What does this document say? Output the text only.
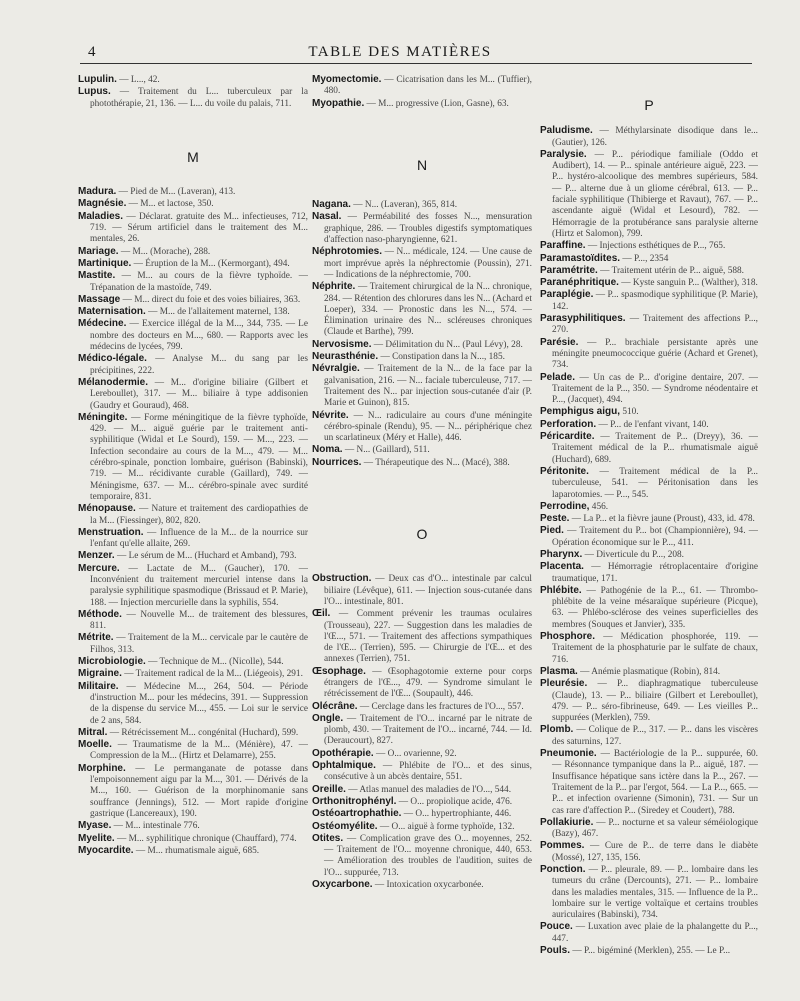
4	TABLE DES MATIÈRES
Lupulin. — L..., 42.
Lupus. — Traitement du L... tuberculeux par la photothérapie, 21, 136. — L... du voile du palais, 711.
M
Madura. — Pied de M... (Laveran), 413.
Magnésie. — M... et lactose, 350.
Maladies. — Déclarat. gratuite des M... infectieuses, 712, 719. — Sérum artificiel dans le traitement des M... mentales, 26.
Mariage. — M... (Morache), 288.
Martinique. — Éruption de la M... (Kermorgant), 494.
Mastite. — M... au cours de la fièvre typhoïde. — Trépanation de la mastoïde, 749.
Massage — M... direct du foie et des voies biliaires, 363.
Maternisation. — M... de l'allaitement maternel, 138.
Médecine. — Exercice illégal de la M..., 344, 735. — Le nombre des docteurs en M..., 680. — Rapports avec les médecins de lycées, 799.
Médico-légale. — Analyse M... du sang par les précipitines, 222.
Mélanodermie. — M... d'origine biliaire (Gilbert et Lereboullet), 317. — M... biliaire à type addisonien (Gaudry et Gouraud), 468.
Méningite. — Forme méningitique de la fièvre typhoïde, 429. — M... aiguë guérie par le traitement anti-syphilitique (Widal et Le Sourd), 159. — M..., 223. — Infection secondaire au cours de la M..., 479. — M... cérébro-spinale, ponction lombaire, guérison (Babinski), 719. — M... récidivante curable (Gaillard), 749. — Méningisme, 637. — M... cérébro-spinale avec surdité temporaire, 831.
Ménopause. — Nature et traitement des cardiopathies de la M... (Fiessinger), 802, 820.
Menstruation. — Influence de la M... de la nourrice sur l'enfant qu'elle allaite, 269.
Menzer. — Le sérum de M... (Huchard et Amband), 793.
Mercure. — Lactate de M... (Gaucher), 170. — Inconvénient du traitement mercuriel intense dans la paralysie syphilitique spasmodique (Brissaud et P. Marie), 188. — Injection mercurielle dans la syphilis, 554.
Méthode. — Nouvelle M... de traitement des blessures, 811.
Métrite. — Traitement de la M... cervicale par le cautère de Filhos, 313.
Microbiologie. — Technique de M... (Nicolle), 544.
Migraine. — Traitement radical de la M... (Liégeois), 291.
Militaire. — Médecine M..., 264, 504. — Période d'instruction M... pour les médecins, 391. — Suppression de la dispense du service M..., 455. — Loi sur le service de 2 ans, 584.
Mitral. — Rétrécissement M... congénital (Huchard), 599.
Moelle. — Traumatisme de la M... (Ménière), 47. — Compression de la M... (Hirtz et Delamarre), 255.
Morphine. — Le permanganate de potasse dans l'empoisonnement aigu par la M..., 301. — Dérivés de la M..., 160. — Guérison de la morphinomanie sans souffrance (Jennings), 512. — Mort rapide d'origine gastrique (Lancereaux), 190.
Myase. — M... intestinale 776.
Myelite. — M... syphilitique chronique (Chauffard), 774.
Myocardite. — M... rhumatismale aiguë, 685.
Myomectomie. — Cicatrisation dans les M... (Tuffier), 480.
Myopathie. — M... progressive (Lion, Gasne), 63.
N
Nagana. — N... (Laveran), 365, 814.
Nasal. — Perméabilité des fosses N..., mensuration graphique, 286. — Troubles digestifs symptomatiques d'affection naso-pharyngienne, 621.
Néphrotomies. — N... médicale, 124. — Une cause de mort imprévue après la néphrectomie (Poussin), 271. — Indications de la néphrectomie, 700.
Néphrite. — Traitement chirurgical de la N... chronique, 284. — Rétention des chlorures dans les N... (Achard et Loeper), 334. — Pronostic dans les N..., 574. — Élimination urinaire des N... scléreuses chroniques (Claude et Barthe), 799.
Nervosisme. — Délimitation du N... (Paul Lévy), 28.
Neurasthénie. — Constipation dans la N..., 185.
Névralgie. — Traitement de la N... de la face par la galvanisation, 216. — N... faciale tuberculeuse, 717. — Traitement des N... par injection sous-cutanée d'air (P. Marie et Guinon), 815.
Névrite. — N... radiculaire au cours d'une méningite cérébro-spinale (Rendu), 95. — N... périphérique chez un scarlatineux (Méry et Halle), 446.
Noma. — N... (Gaillard), 511.
Nourrices. — Thérapeutique des N... (Macé), 388.
O
Obstruction. — Deux cas d'O... intestinale par calcul biliaire (Lévêque), 611. — Injection sous-cutanée dans l'O... intestinale, 801.
Œil. — Comment prévenir les traumas oculaires (Trousseau), 227. — Suggestion dans les maladies de l'Œ..., 571. — Traitement des affections sympathiques de l'Œ... (Terrien), 595. — Chirurgie de l'Œ... et des annexes (Terrien), 751.
Œsophage. — Œsophagotomie externe pour corps étrangers de l'Œ..., 479. — Syndrome simulant le rétrécissement de l'Œ... (Soupault), 446.
Olécrâne. — Cerclage dans les fractures de l'O..., 557.
Ongle. — Traitement de l'O... incarné par le nitrate de plomb, 430. — Traitement de l'O... incarné, 744. — Id. (Deraucourt), 827.
Opothérapie. — O... ovarienne, 92.
Ophtalmique. — Phlébite de l'O... et des sinus, consécutive à un abcès dentaire, 551.
Oreille. — Atlas manuel des maladies de l'O..., 544.
Orthonitrophényl. — O... propiolique acide, 476.
Ostéoartrophathie. — O... hypertrophiante, 446.
Ostéomyélite. — O... aiguë à forme typhoïde, 132.
Otites. — Complication grave des O... moyennes, 252. — Traitement de l'O... moyenne chronique, 440, 653. — Amélioration des troubles de l'audition, suites de l'O... suppurée, 713.
Oxycarbone. — Intoxication oxycarbonée.
P
Paludisme. — Méthylarsinate disodique dans le... (Gautier), 126.
Paralysie. — P... périodique familiale (Oddo et Audibert), 14. — P... spinale antérieure aiguë, 223. — P... hystéro-alcoolique des membres supérieurs, 584. — P... alterne due à un gliome cérébral, 613. — P... faciale syphilitique (Thibierge et Ravaut), 767. — P... ascendante aiguë (Widal et Lesourd), 782. — Hémorragie de la protubérance sans paralysie alterne (Hirtz et Salomon), 799.
Paraffine. — Injections esthétiques de P..., 765.
Paramastoïdites. — P..., 2354
Paramétrite. — Traitement utérin de P... aiguë, 588.
Paranéphritique. — Kyste sanguin P... (Walther), 318.
Paraplégie. — P... spasmodique syphilitique (P. Marie), 142.
Parasyphilitiques. — Traitement des affections P..., 270.
Parésie. — P... brachiale persistante après une méningite pneumococcique guérie (Achard et Grenet), 734.
Pelade. — Un cas de P... d'origine dentaire, 207. — Traitement de la P..., 350. — Syndrome néodentaire et P..., (Jacquet), 494.
Pemphigus aigu, 510.
Perforation. — P... de l'enfant vivant, 140.
Péricardite. — Traitement de P... (Dreyy), 36. — Traitement médical de la P... rhumatismale aiguë (Huchard), 689.
Péritonite. — Traitement médical de la P... tuberculeuse, 541. — Péritonisation dans les laparotomies. — P..., 545.
Perrodine, 456.
Peste. — La P... et la fièvre jaune (Proust), 433, id. 478.
Pied. — Traitement du P... bot (Championnière), 94. — Opération économique sur le P..., 411.
Pharynx. — Diverticule du P..., 208.
Placenta. — Hémorragie rétroplacentaire d'origine traumatique, 171.
Phlébite. — Pathogénie de la P..., 61. — Thrombo-phlébite de la veine mésaraïque supérieure (Picque), 63. — Phlébo-sclérose des veines superficielles des membres (Souques et Janvier), 335.
Phosphore. — Médication phosphorée, 119. — Traitement de la phosphaturie par le sulfate de chaux, 716.
Plasma. — Anémie plasmatique (Robin), 814.
Pleurésie. — P... diaphragmatique tuberculeuse (Claude), 13. — P... biliaire (Gilbert et Lereboullet), 479. — P... séro-fibrineuse, 649. — Les vieilles P... suppurées (Merklen), 759.
Plomb. — Colique de P..., 317. — P... dans les viscères des saturnins, 127.
Pneumonie. — Bactériologie de la P... suppurée, 60. — Résonnance tympanique dans la P... aiguë, 187. — Insuffisance hépatique sans ictère dans la P..., 267. — Traitement de la P... par l'ergot, 564. — La P..., 665. — P... et infection ovarienne (Simonin), 731. — Sur un cas rare d'affection P... (Siredey et Coudert), 788.
Pollakiurie. — P... nocturne et sa valeur séméiologique (Bazy), 467.
Pommes. — Cure de P... de terre dans le diabète (Mossé), 127, 135, 156.
Ponction. — P... pleurale, 89. — P... lombaire dans les tumeurs du crâne (Dercounts), 271. — P... lombaire dans les maladies mentales, 315. — Influence de la P... lombaire sur le vertige voltaïque et certains troubles auriculaires (Babinski), 734.
Pouce. — Luxation avec plaie de la phalangette du P..., 447.
Pouls. — P... bigéminé (Merklen), 255. — Le P...
